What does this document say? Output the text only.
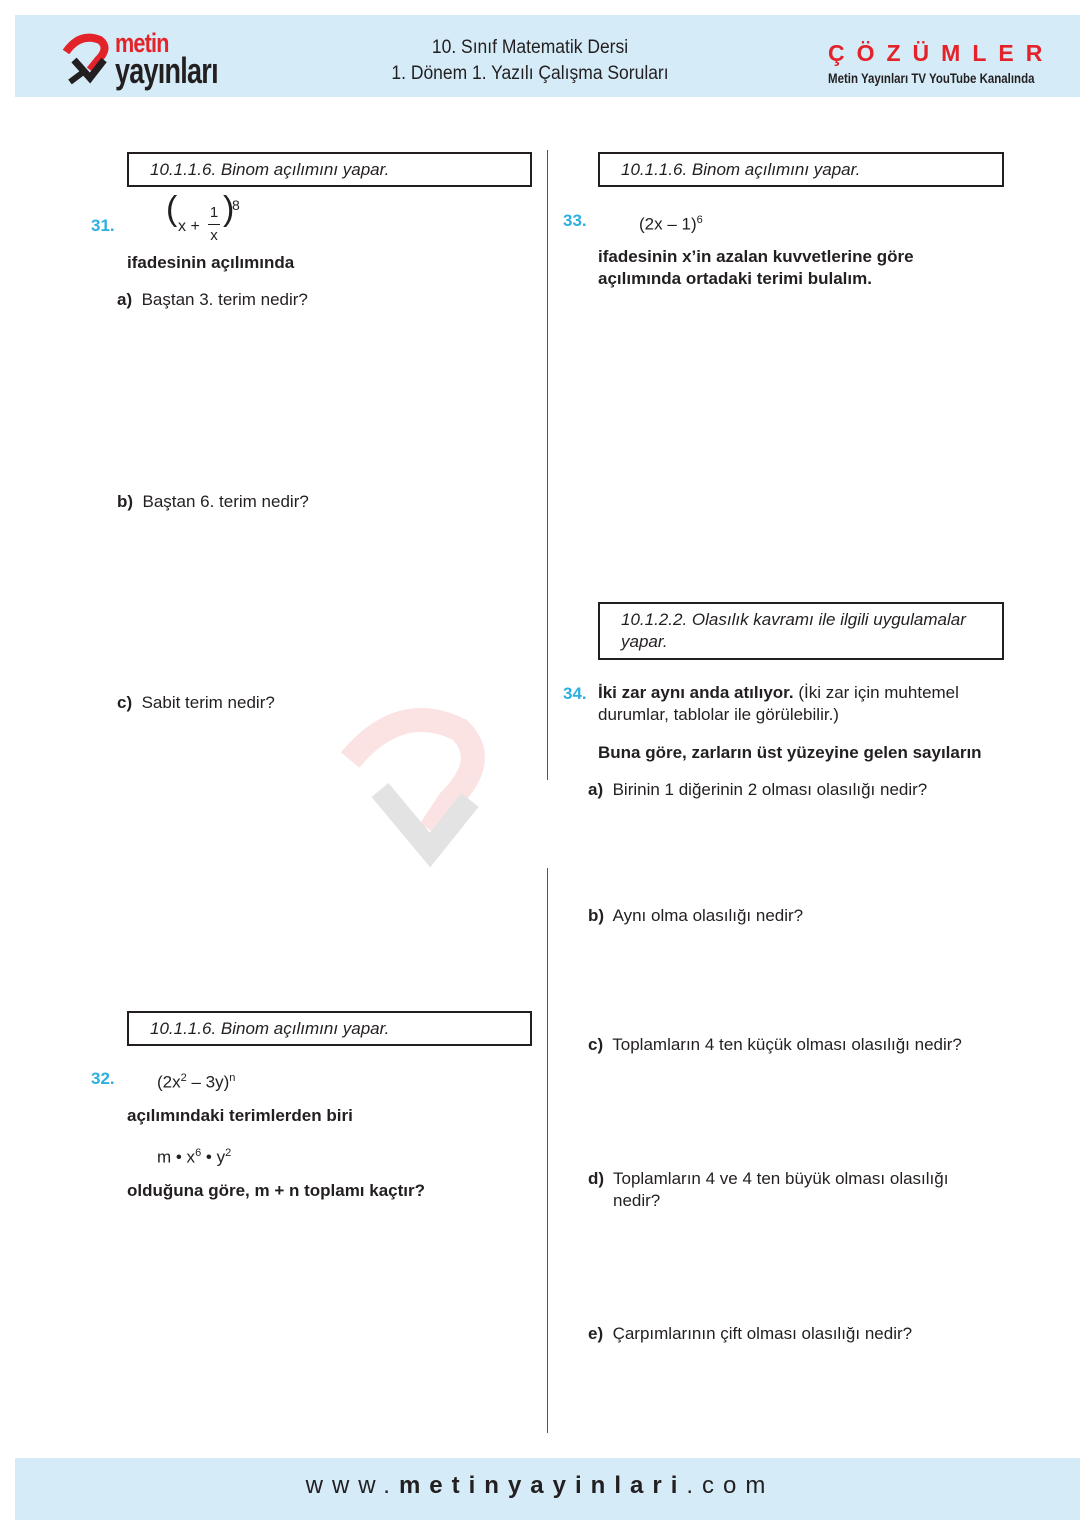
metin
yayınları
10. Sınıf Matematik Dersi
1. Dönem 1. Yazılı Çalışma Soruları
ÇÖZÜMLER
Metin Yayınları TV YouTube Kanalında
10.1.1.6. Binom açılımını yapar.
31. ( x +
1
x
)
8
ifadesinin açılımında
a) Baştan 3. terim nedir?
b) Baştan 6. terim nedir?
c) Sabit terim nedir?
10.1.1.6. Binom açılımını yapar.
32. $(2x^2 - 3y)^n$
açılımındaki terimlerden biri
m • $x^6$ • $y^2$
olduğuna göre, m + n toplamı kaçtır?
10.1.1.6. Binom açılımını yapar.
33.	(2x – 1)$^6$
ifadesinin x’in azalan kuvvetlerine göre açılımında ortadaki terimi bulalım.
10.1.2.2. Olasılık kavramı ile ilgili uygulamalar yapar.
34. İki zar aynı anda atılıyor. (İki zar için muhtemel durumlar, tablolar ile görülebilir.)
Buna göre, zarların üst yüzeyine gelen sayıların
a) Birinin 1 diğerinin 2 olması olasılığı nedir?
b) Aynı olma olasılığı nedir?
c) Toplamların 4 ten küçük olması olasılığı nedir?
d) Toplamların 4 ve 4 ten büyük olması olasılığı nedir?
e) Çarpımlarının çift olması olasılığı nedir?
www.metinyayinlari.com
